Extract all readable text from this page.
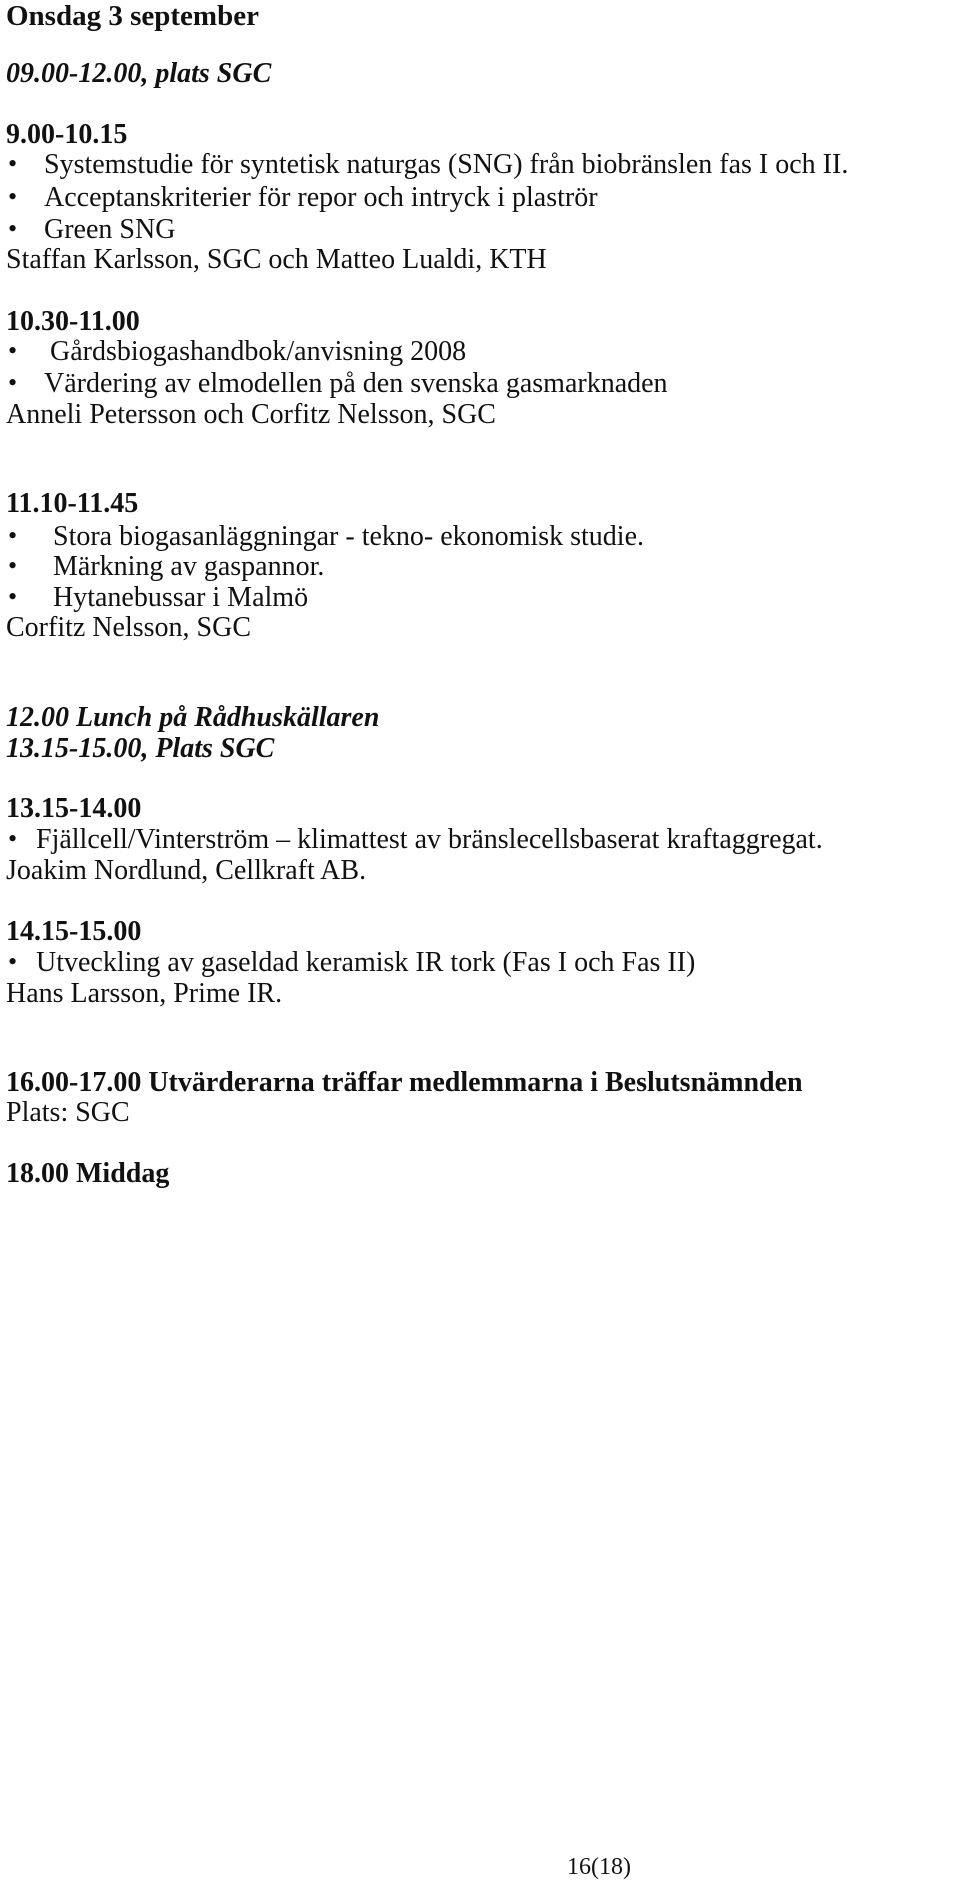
Onsdag 3 september
09.00-12.00, plats SGC
9.00-10.15
• Systemstudie för syntetisk naturgas (SNG) från biobränslen fas I och II.
• Acceptanskriterier för repor och intryck i plaströr
• Green SNG
Staffan Karlsson, SGC och Matteo Lualdi, KTH
10.30-11.00
• Gårdsbiogashandbok/anvisning 2008
• Värdering av elmodellen på den svenska gasmarknaden
Anneli Petersson och Corfitz Nelsson, SGC
11.10-11.45
• Stora biogasanläggningar - tekno- ekonomisk studie.
• Märkning av gaspannor.
• Hytanebussar i Malmö
Corfitz Nelsson, SGC
12.00 Lunch på Rådhuskällaren
13.15-15.00, Plats SGC
13.15-14.00
• Fjällcell/Vinterström – klimattest av bränslecellsbaserat kraftaggregat.
Joakim Nordlund, Cellkraft AB.
14.15-15.00
• Utveckling av gaseldad keramisk IR tork (Fas I och Fas II)
Hans Larsson, Prime IR.
16.00-17.00 Utvärderarna träffar medlemmarna i Beslutsnämnden
Plats: SGC
18.00 Middag
16(18)
